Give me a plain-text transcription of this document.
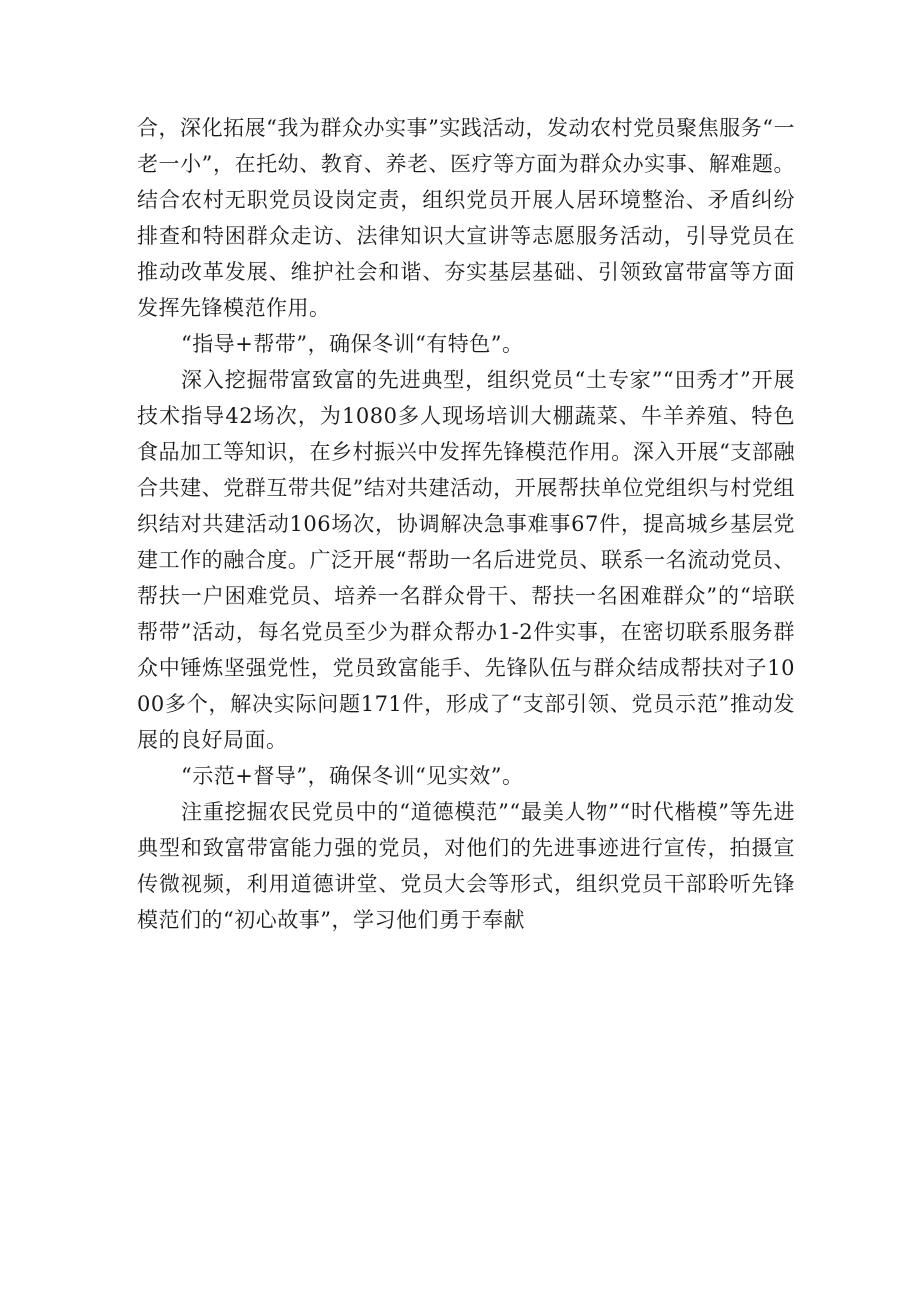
合，深化拓展“我为群众办实事”实践活动，发动农村党员聚焦服务“一老一小”，在托幼、教育、养老、医疗等方面为群众办实事、解难题。结合农村无职党员设岗定责，组织党员开展人居环境整治、矛盾纠纷排查和特困群众走访、法律知识大宣讲等志愿服务活动，引导党员在推动改革发展、维护社会和谐、夯实基层基础、引领致富带富等方面发挥先锋模范作用。

“指导+帮带”，确保冬训“有特色”。

深入挖掘带富致富的先进典型，组织党员“土专家”“田秀才”开展技术指导42场次，为1080多人现场培训大棚蔬菜、牛羊养殖、特色食品加工等知识，在乡村振兴中发挥先锋模范作用。深入开展“支部融合共建、党群互带共促”结对共建活动，开展帮扶单位党组织与村党组织结对共建活动106场次，协调解决急事难事67件，提高城乡基层党建工作的融合度。广泛开展“帮助一名后进党员、联系一名流动党员、帮扶一户困难党员、培养一名群众骨干、帮扶一名困难群众”的“培联帮带”活动，每名党员至少为群众帮办1-2件实事，在密切联系服务群众中锤炼坚强党性，党员致富能手、先锋队伍与群众结成帮扶对子1000多个，解决实际问题171件，形成了“支部引领、党员示范”推动发展的良好局面。

“示范+督导”，确保冬训“见实效”。

注重挖掘农民党员中的“道德模范”“最美人物”“时代楷模”等先进典型和致富带富能力强的党员，对他们的先进事迹进行宣传，拍摄宣传微视频，利用道德讲堂、党员大会等形式，组织党员干部聆听先锋模范们的“初心故事”，学习他们勇于奉献
